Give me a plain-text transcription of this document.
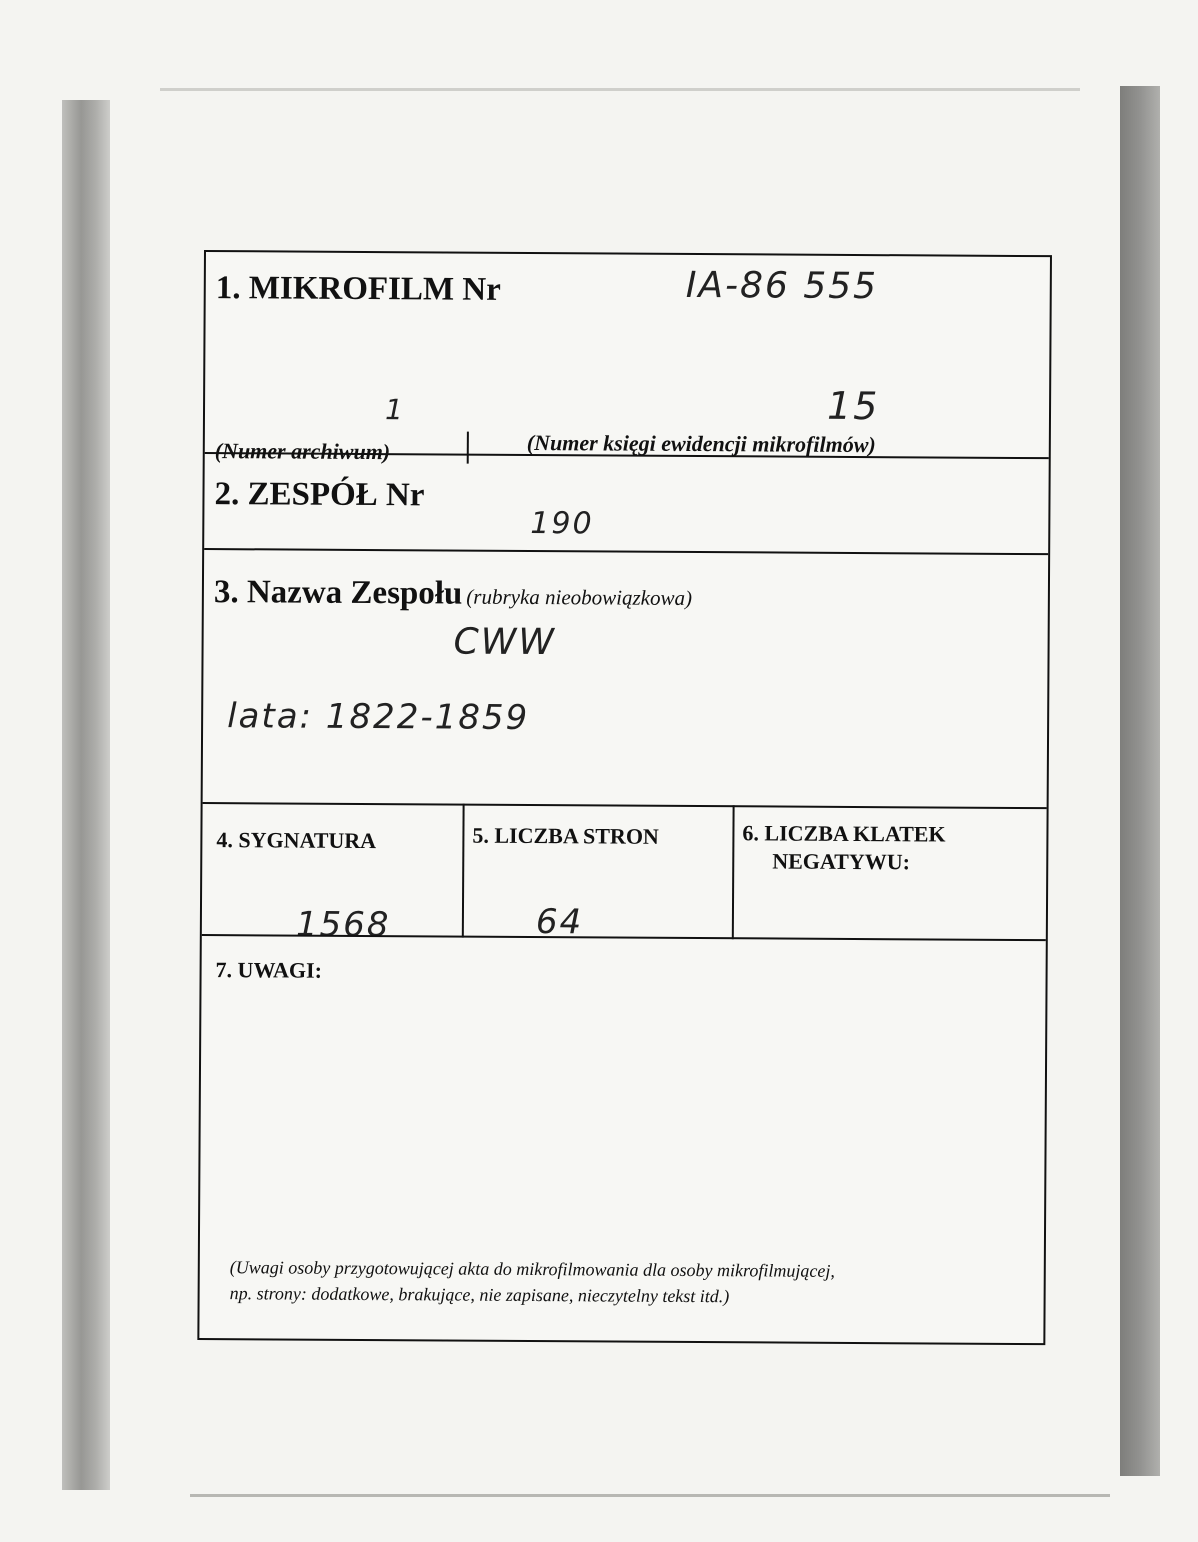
1. MIKROFILM Nr	IA-86 555
1	15
(Numer archiwum)	(Numer księgi ewidencji mikrofilmów)
2. ZESPÓŁ Nr
190
3. Nazwa Zespołu (rubryka nieobowiązkowa)
CWW
lata: 1822-1859
4. SYGNATURA
1568
5. LICZBA STRON
64
6. LICZBA KLATEK
NEGATYWU:
7. UWAGI:
(Uwagi osoby przygotowującej akta do mikrofilmowania dla osoby mikrofilmującej,
np. strony: dodatkowe, brakujące, nie zapisane, nieczytelny tekst itd.)
